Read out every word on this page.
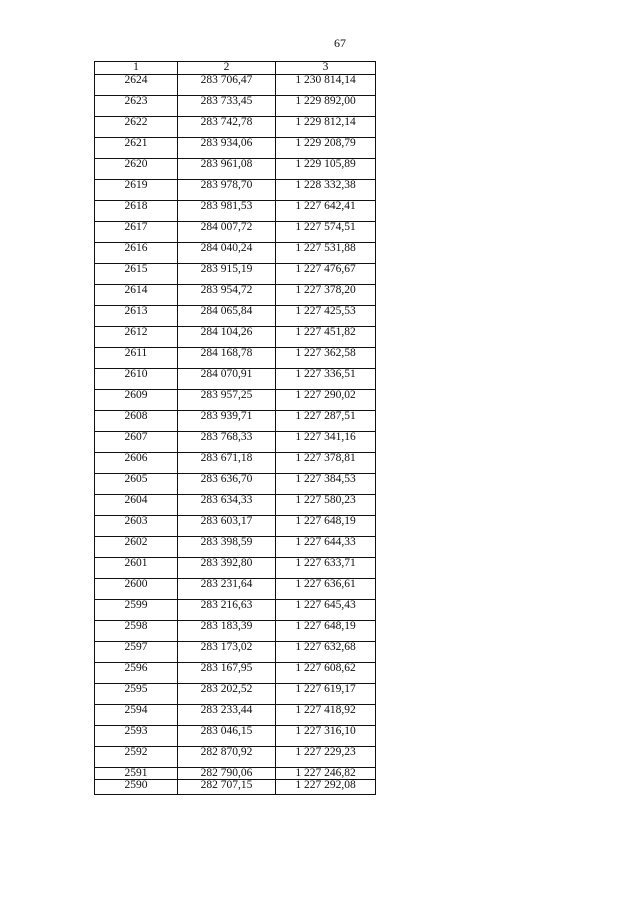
67
1	2	3
2624	283 706,47	1 230 814,14
2623	283 733,45	1 229 892,00
2622	283 742,78	1 229 812,14
2621	283 934,06	1 229 208,79
2620	283 961,08	1 229 105,89
2619	283 978,70	1 228 332,38
2618	283 981,53	1 227 642,41
2617	284 007,72	1 227 574,51
2616	284 040,24	1 227 531,88
2615	283 915,19	1 227 476,67
2614	283 954,72	1 227 378,20
2613	284 065,84	1 227 425,53
2612	284 104,26	1 227 451,82
2611	284 168,78	1 227 362,58
2610	284 070,91	1 227 336,51
2609	283 957,25	1 227 290,02
2608	283 939,71	1 227 287,51
2607	283 768,33	1 227 341,16
2606	283 671,18	1 227 378,81
2605	283 636,70	1 227 384,53
2604	283 634,33	1 227 580,23
2603	283 603,17	1 227 648,19
2602	283 398,59	1 227 644,33
2601	283 392,80	1 227 633,71
2600	283 231,64	1 227 636,61
2599	283 216,63	1 227 645,43
2598	283 183,39	1 227 648,19
2597	283 173,02	1 227 632,68
2596	283 167,95	1 227 608,62
2595	283 202,52	1 227 619,17
2594	283 233,44	1 227 418,92
2593	283 046,15	1 227 316,10
2592	282 870,92	1 227 229,23
2591	282 790,06	1 227 246,82
2590	282 707,15	1 227 292,08
